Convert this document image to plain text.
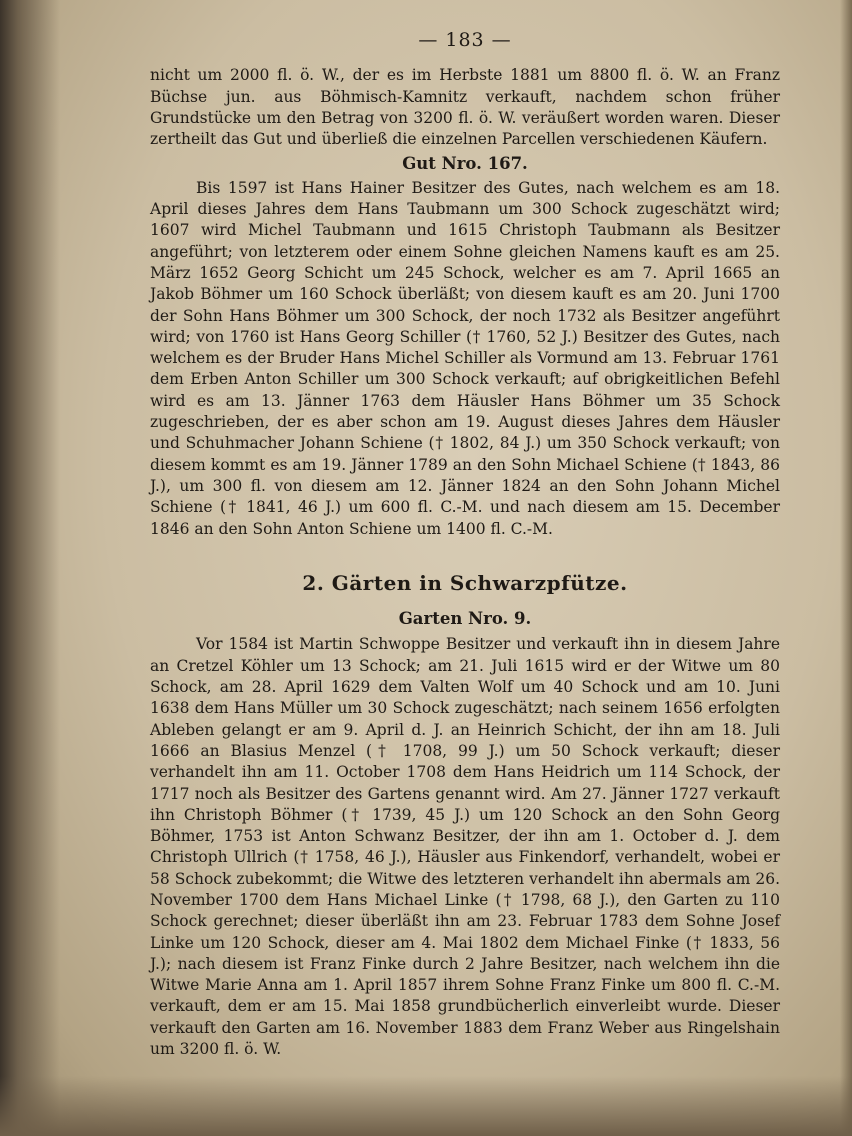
— 183 —

nicht um 2000 fl. ö. W., der es im Herbste 1881 um 8800 fl. ö. W. an Franz Büchse jun. aus Böhmisch-Kamnitz verkauft, nachdem schon früher Grundstücke um den Betrag von 3200 fl. ö. W. veräußert worden waren. Dieser zertheilt das Gut und überließ die einzelnen Parcellen verschiedenen Käufern.

Gut Nro. 167.

Bis 1597 ist Hans Hainer Besitzer des Gutes, nach welchem es am 18. April dieses Jahres dem Hans Taubmann um 300 Schock zugeschätzt wird; 1607 wird Michel Taubmann und 1615 Christoph Taubmann als Besitzer angeführt; von letzterem oder einem Sohne gleichen Namens kauft es am 25. März 1652 Georg Schicht um 245 Schock, welcher es am 7. April 1665 an Jakob Böhmer um 160 Schock überläßt; von diesem kauft es am 20. Juni 1700 der Sohn Hans Böhmer um 300 Schock, der noch 1732 als Besitzer angeführt wird; von 1760 ist Hans Georg Schiller († 1760, 52 J.) Besitzer des Gutes, nach welchem es der Bruder Hans Michel Schiller als Vormund am 13. Februar 1761 dem Erben Anton Schiller um 300 Schock verkauft; auf obrigkeitlichen Befehl wird es am 13. Jänner 1763 dem Häusler Hans Böhmer um 35 Schock zugeschrieben, der es aber schon am 19. August dieses Jahres dem Häusler und Schuhmacher Johann Schiene († 1802, 84 J.) um 350 Schock verkauft; von diesem kommt es am 19. Jänner 1789 an den Sohn Michael Schiene († 1843, 86 J.), um 300 fl. von diesem am 12. Jänner 1824 an den Sohn Johann Michel Schiene († 1841, 46 J.) um 600 fl. C.-M. und nach diesem am 15. December 1846 an den Sohn Anton Schiene um 1400 fl. C.-M.

2. Gärten in Schwarzpfütze.
Garten Nro. 9.

Vor 1584 ist Martin Schwoppe Besitzer und verkauft ihn in diesem Jahre an Cretzel Köhler um 13 Schock; am 21. Juli 1615 wird er der Witwe um 80 Schock, am 28. April 1629 dem Valten Wolf um 40 Schock und am 10. Juni 1638 dem Hans Müller um 30 Schock zugeschätzt; nach seinem 1656 erfolgten Ableben gelangt er am 9. April d. J. an Heinrich Schicht, der ihn am 18. Juli 1666 an Blasius Menzel († 1708, 99 J.) um 50 Schock verkauft; dieser verhandelt ihn am 11. October 1708 dem Hans Heidrich um 114 Schock, der 1717 noch als Besitzer des Gartens genannt wird. Am 27. Jänner 1727 verkauft ihn Christoph Böhmer († 1739, 45 J.) um 120 Schock an den Sohn Georg Böhmer, 1753 ist Anton Schwanz Besitzer, der ihn am 1. October d. J. dem Christoph Ullrich († 1758, 46 J.), Häusler aus Finkendorf, verhandelt, wobei er 58 Schock zubekommt; die Witwe des letzteren verhandelt ihn abermals am 26. November 1700 dem Hans Michael Linke († 1798, 68 J.), den Garten zu 110 Schock gerechnet; dieser überläßt ihn am 23. Februar 1783 dem Sohne Josef Linke um 120 Schock, dieser am 4. Mai 1802 dem Michael Finke († 1833, 56 J.); nach diesem ist Franz Finke durch 2 Jahre Besitzer, nach welchem ihn die Witwe Marie Anna am 1. April 1857 ihrem Sohne Franz Finke um 800 fl. C.-M. verkauft, dem er am 15. Mai 1858 grundbücherlich einverleibt wurde. Dieser verkauft den Garten am 16. November 1883 dem Franz Weber aus Ringelshain um 3200 fl. ö. W.
